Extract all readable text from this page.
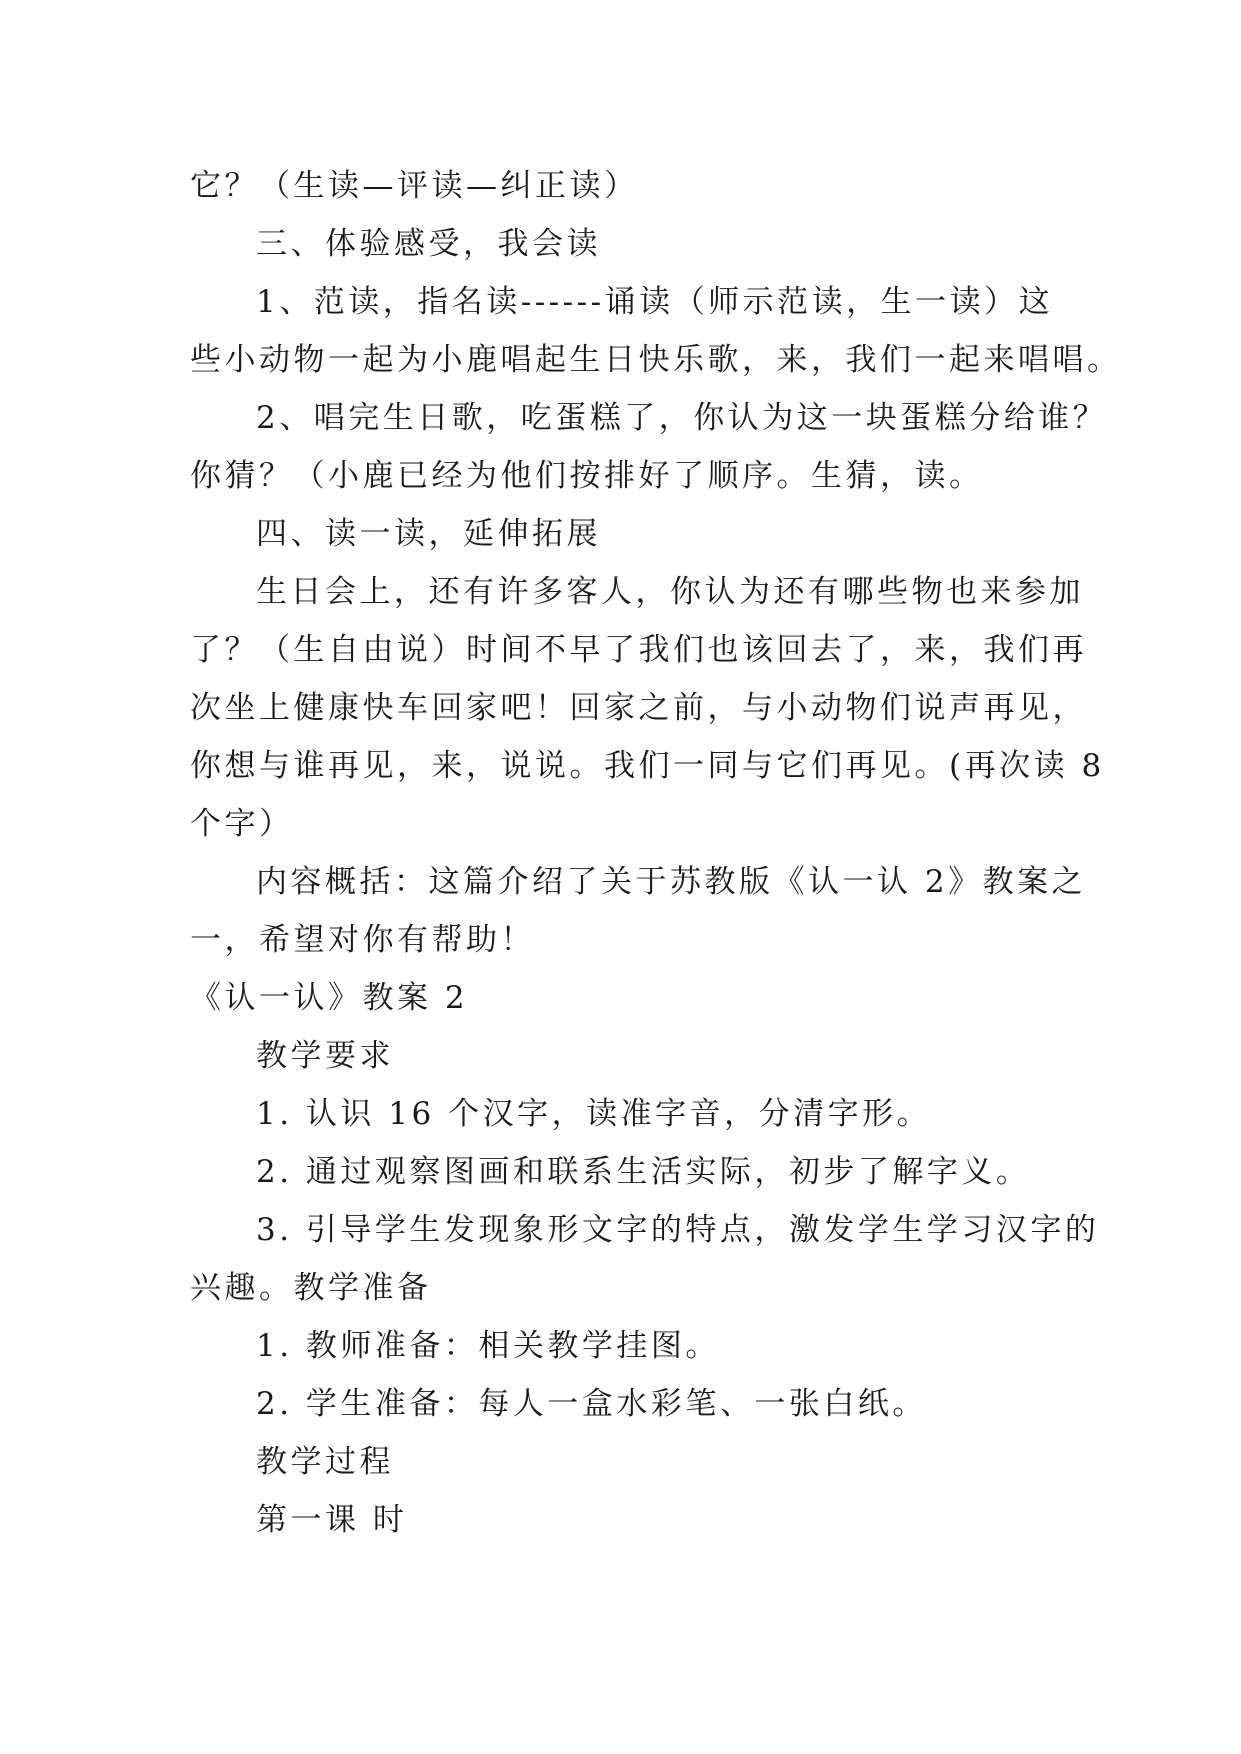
它？（生读—评读—纠正读）
三、体验感受，我会读
1、范读，指名读------诵读（师示范读，生一读）这
些小动物一起为小鹿唱起生日快乐歌，来，我们一起来唱唱。
2、唱完生日歌，吃蛋糕了，你认为这一块蛋糕分给谁？
你猜？（小鹿已经为他们按排好了顺序。生猜，读。
四、读一读，延伸拓展
生日会上，还有许多客人，你认为还有哪些物也来参加
了？（生自由说）时间不早了我们也该回去了，来，我们再
次坐上健康快车回家吧！回家之前，与小动物们说声再见，
你想与谁再见，来，说说。我们一同与它们再见。(再次读 8
个字）
内容概括：这篇介绍了关于苏教版《认一认 2》教案之
一，希望对你有帮助！
《认一认》教案 2
教学要求
1. 认识 16 个汉字，读准字音，分清字形。
2. 通过观察图画和联系生活实际，初步了解字义。
3. 引导学生发现象形文字的特点，激发学生学习汉字的
兴趣。教学准备
1. 教师准备：相关教学挂图。
2. 学生准备：每人一盒水彩笔、一张白纸。
教学过程
第一课 时
